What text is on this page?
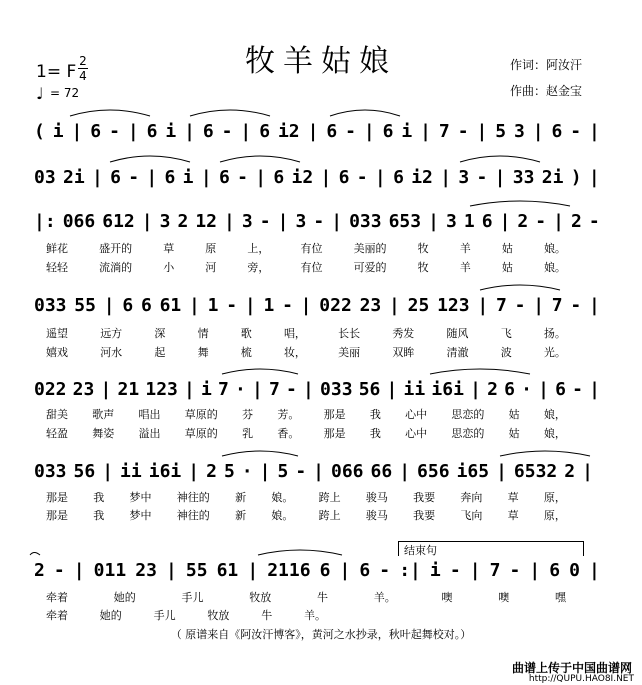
牧羊姑娘	作词：阿汝汗
作曲：赵金宝
1= F
2
4
♩ = 72
( i | 6 - | 6 i | 6 - | 6 i2 | 6 - | 6 i | 7 - | 5 3 | 6 - |
03 2i | 6 - | 6 i | 6 - | 6 i2 | 6 - | 6 i2 | 3 - | 33 2i ) |
|: 066 612 | 3 2 12 | 3 - | 3 - | 033 653 | 3 1 6 | 2 - | 2 -
鲜花	盛开的	草	原	上，	有位	美丽的	牧	羊	姑	娘。
轻轻	流淌的	小	河	旁，	有位	可爱的	牧	羊	姑	娘。
033 55 | 6 6 61 | 1 - | 1 - | 022 23 | 25 123 | 7 - | 7 - |
遥望	远方	深	情	歌	唱，	长长	秀发	随风	飞	扬。
嬉戏	河水	起	舞	梳	妆，	美丽	双眸	清澈	波	光。
022 23 | 21 123 | i 7 · | 7 - | 033 56 | ii i6i | 2 6 · | 6 - |
甜美 歌声 唱出 草原的 芬 芳。 那是 我 心中 思恋的 姑 娘，
轻盈 舞姿 溢出 草原的 乳 香。 那是 我 心中 思恋的 姑 娘，
033 56 | ii i6i | 2 5 · | 5 - | 066 66 | 656 i65 | 6532 2 |
那是 我 梦中 神往的 新 娘。 跨上 骏马 我要 奔向 草 原，
那是 我 梦中 神往的 新 娘。 跨上 骏马 我要 飞向 草 原，
结束句
2 - | 011 23 | 55 61 | 2116 6 | 6 - :| i - | 7 - | 6 0 |
牵着	她的	手儿	牧放	牛	羊。	噢	噢	嘿
牵着	她的	手儿	牧放	牛	羊。
（ 原谱来自《阿汝汗博客》，黄河之水抄录，秋叶起舞校对。）
曲谱上传于中国曲谱网
http://QUPU.HAO8I.NET
